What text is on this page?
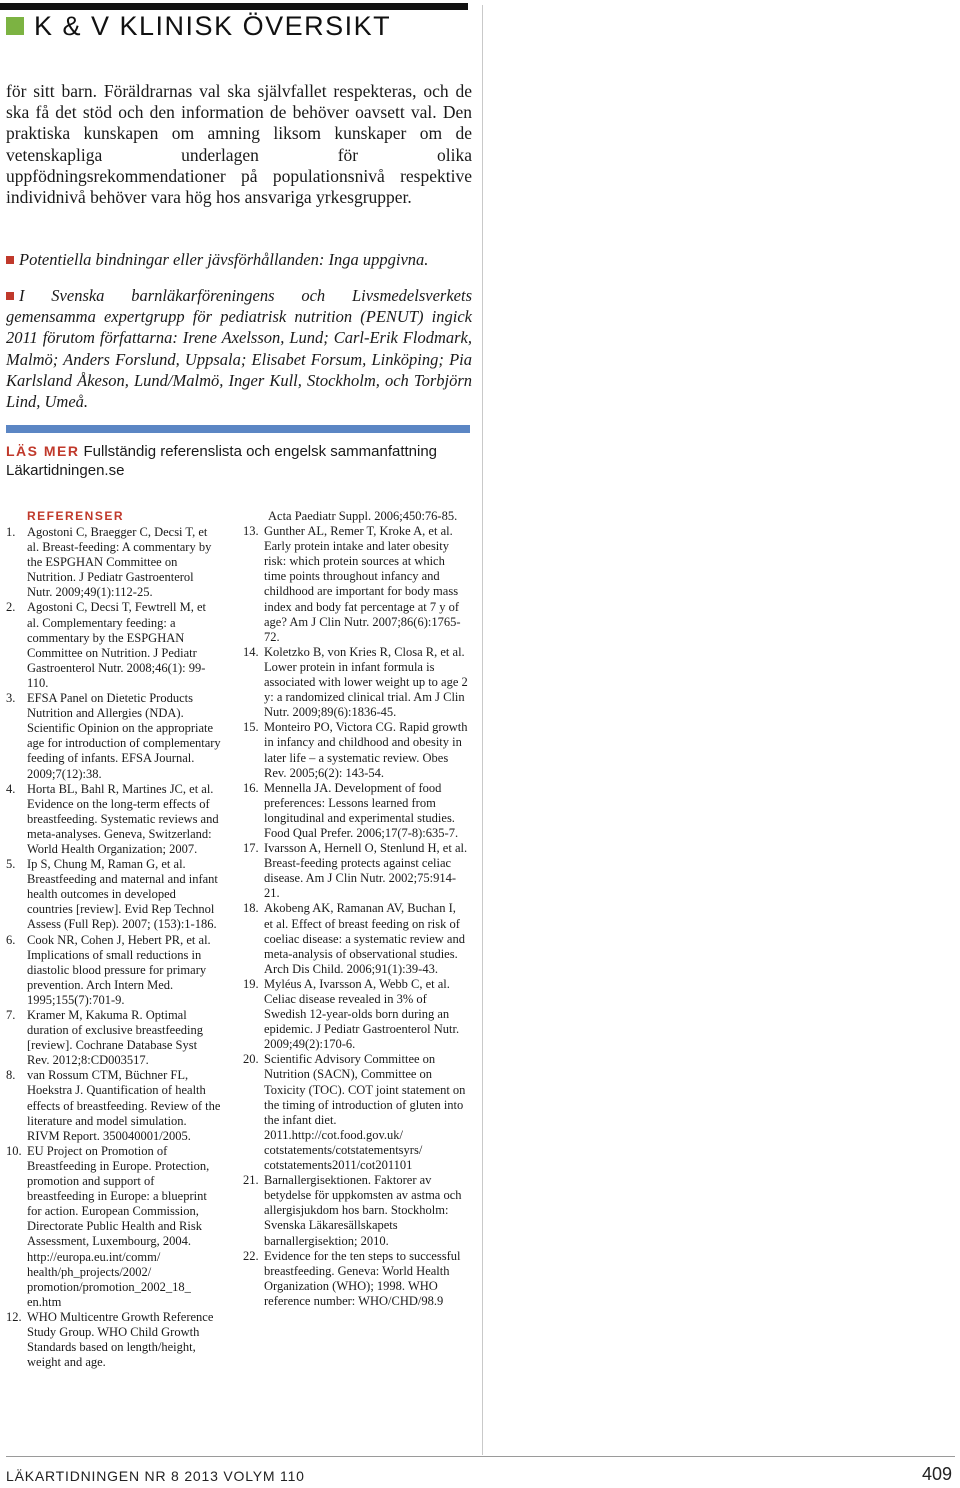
K & V KLINISK ÖVERSIKT

för sitt barn. Föräldrarnas val ska självfallet respekteras, och de ska få det stöd och den information de behöver oavsett val. Den praktiska kunskapen om amning liksom kunskaper om de vetenskapliga underlagen för olika uppfödningsrekommendationer på populationsnivå respektive individnivå behöver vara hög hos ansvariga yrkesgrupper.

Potentiella bindningar eller jävsförhållanden: Inga uppgivna.
I Svenska barnläkarföreningens och Livsmedelsverkets gemensamma expertgrupp för pediatrisk nutrition (PENUT) ingick 2011 förutom författarna: Irene Axelsson, Lund; Carl-Erik Flodmark, Malmö; Anders Forslund, Uppsala; Elisabet Forsum, Linköping; Pia Karlsland Åkeson, Lund/Malmö, Inger Kull, Stockholm, och Torbjörn Lind, Umeå.
LÄS MER Fullständig referenslista och engelsk sammanfattning Läkartidningen.se
REFERENSER
1. Agostoni C, Braegger C, Decsi T, et al. Breast-feeding: A commentary by the ESPGHAN Committee on Nutrition. J Pediatr Gastroenterol Nutr. 2009;49(1):112-25.
2. Agostoni C, Decsi T, Fewtrell M, et al. Complementary feeding: a commentary by the ESPGHAN Committee on Nutrition. J Pediatr Gastroenterol Nutr. 2008;46(1): 99-110.
3. EFSA Panel on Dietetic Products Nutrition and Allergies (NDA). Scientific Opinion on the appropriate age for introduction of complementary feeding of infants. EFSA Journal. 2009;7(12):38.
4. Horta BL, Bahl R, Martines JC, et al. Evidence on the long-term effects of breastfeeding. Systematic reviews and meta-analyses. Geneva, Switzerland: World Health Organization; 2007.
5. Ip S, Chung M, Raman G, et al. Breastfeeding and maternal and infant health outcomes in developed countries [review]. Evid Rep Technol Assess (Full Rep). 2007; (153):1-186.
6. Cook NR, Cohen J, Hebert PR, et al. Implications of small reductions in diastolic blood pressure for primary prevention. Arch Intern Med. 1995;155(7):701-9.
7. Kramer M, Kakuma R. Optimal duration of exclusive breastfeeding [review]. Cochrane Database Syst Rev. 2012;8:CD003517.
8. van Rossum CTM, Büchner FL, Hoekstra J. Quantification of health effects of breastfeeding. Review of the literature and model simulation. RIVM Report. 350040001/2005.
10. EU Project on Promotion of Breastfeeding in Europe. Protection, promotion and support of breastfeeding in Europe: a blueprint for action. European Commission, Directorate Public Health and Risk Assessment, Luxembourg, 2004. http://europa.eu.int/comm/ health/ph_projects/2002/ promotion/promotion_2002_18_ en.htm
12. WHO Multicentre Growth Reference Study Group. WHO Child Growth Standards based on length/height, weight and age.
Acta Paediatr Suppl. 2006;450:76-85.
13. Gunther AL, Remer T, Kroke A, et al. Early protein intake and later obesity risk: which protein sources at which time points throughout infancy and childhood are important for body mass index and body fat percentage at 7 y of age? Am J Clin Nutr. 2007;86(6):1765-72.
14. Koletzko B, von Kries R, Closa R, et al. Lower protein in infant formula is associated with lower weight up to age 2 y: a randomized clinical trial. Am J Clin Nutr. 2009;89(6):1836-45.
15. Monteiro PO, Victora CG. Rapid growth in infancy and childhood and obesity in later life – a systematic review. Obes Rev. 2005;6(2): 143-54.
16. Mennella JA. Development of food preferences: Lessons learned from longitudinal and experimental studies. Food Qual Prefer. 2006;17(7-8):635-7.
17. Ivarsson A, Hernell O, Stenlund H, et al. Breast-feeding protects against celiac disease. Am J Clin Nutr. 2002;75:914-21.
18. Akobeng AK, Ramanan AV, Buchan I, et al. Effect of breast feeding on risk of coeliac disease: a systematic review and meta-analysis of observational studies. Arch Dis Child. 2006;91(1):39-43.
19. Myléus A, Ivarsson A, Webb C, et al. Celiac disease revealed in 3% of Swedish 12-year-olds born during an epidemic. J Pediatr Gastroenterol Nutr. 2009;49(2):170-6.
20. Scientific Advisory Committee on Nutrition (SACN), Committee on Toxicity (TOC). COT joint statement on the timing of introduction of gluten into the infant diet. 2011.http://cot.food.gov.uk/ cotstatements/cotstatementsyrs/ cotstatements2011/cot201101
21. Barnallergisektionen. Faktorer av betydelse för uppkomsten av astma och allergisjukdom hos barn. Stockholm: Svenska Läkaresällskapets barnallergisektion; 2010.
22. Evidence for the ten steps to successful breastfeeding. Geneva: World Health Organization (WHO); 1998. WHO reference number: WHO/CHD/98.9
LÄKARTIDNINGEN NR 8 2013 VOLYM 110	409
